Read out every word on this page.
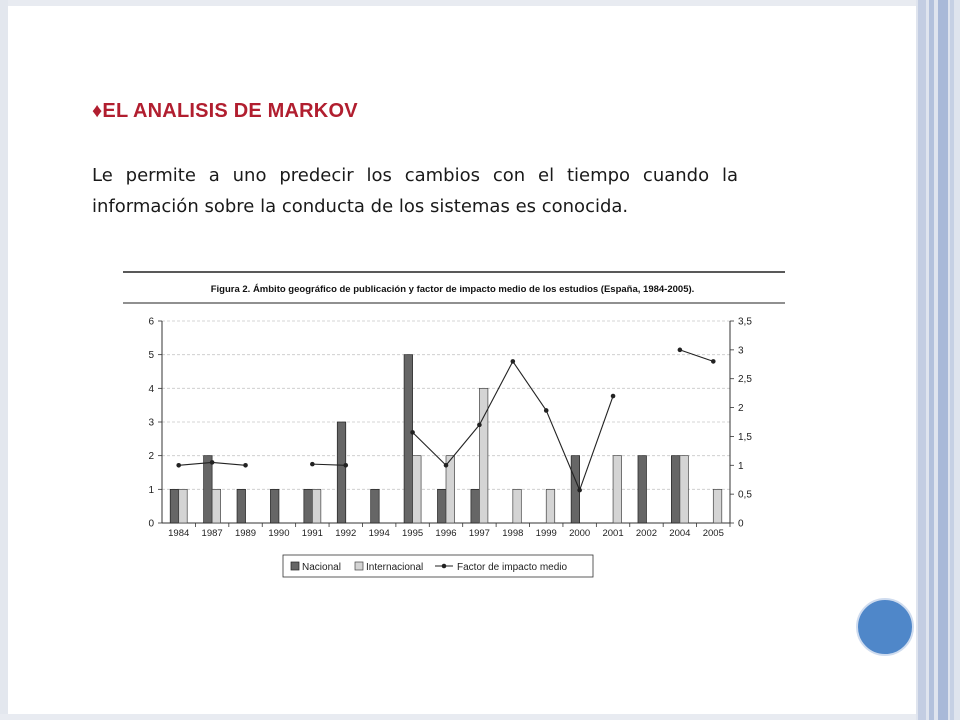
♦EL ANALISIS DE MARKOV
Le permite a uno predecir los cambios con el tiempo cuando la información sobre la conducta de los sistemas es conocida.
Figura 2. Ámbito geográfico de publicación y factor de impacto medio de los estudios (España, 1984-2005).
0
1
2
3
4
5
6
0
0,5
1
1,5
2
2,5
3
3,5
1984 1987 1989 1990 1991 1992 1994 1995 1996 1997 1998 1999 2000 2001 2002 2004 2005
Nacional	Internacional	Factor de impacto medio
